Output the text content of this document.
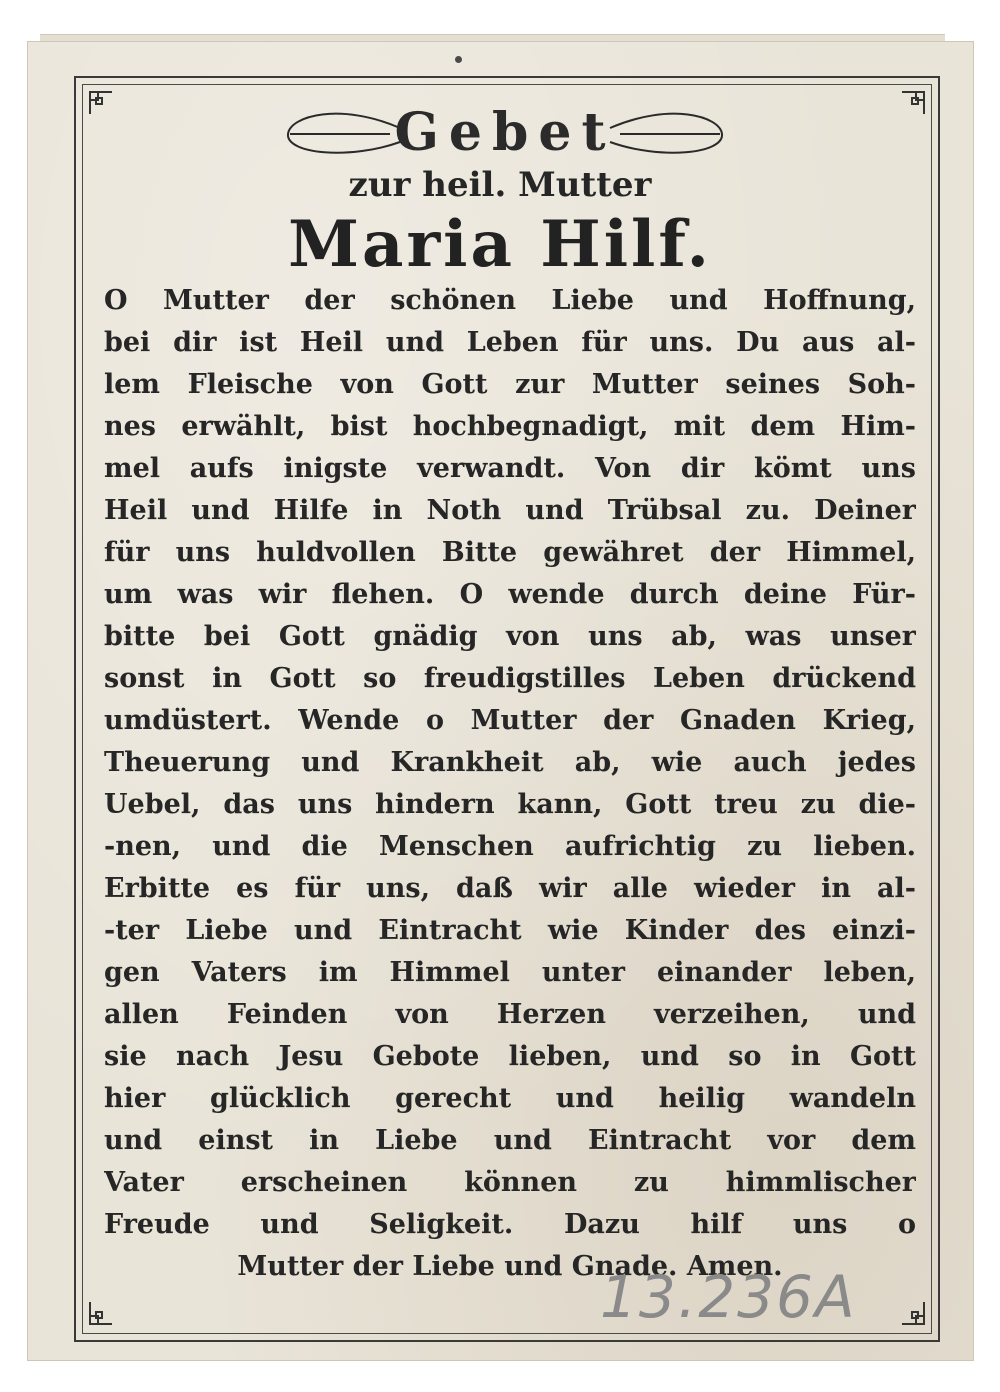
Gebet
zur heil. Mutter
Maria Hilf.
O Mutter der schönen Liebe und Hoffnung,
bei dir ist Heil und Leben für uns. Du aus al-
lem Fleische von Gott zur Mutter seines Soh-
nes erwählt, bist hochbegnadigt, mit dem Him-
mel aufs inigste verwandt. Von dir kömt uns
Heil und Hilfe in Noth und Trübsal zu. Deiner
für uns huldvollen Bitte gewähret der Himmel,
um was wir flehen. O wende durch deine Für-
bitte bei Gott gnädig von uns ab, was unser
sonst in Gott so freudigstilles Leben drückend
umdüstert. Wende o Mutter der Gnaden Krieg,
Theuerung und Krankheit ab, wie auch jedes
Uebel, das uns hindern kann, Gott treu zu die-
-nen, und die Menschen aufrichtig zu lieben.
Erbitte es für uns, daß wir alle wieder in al-
-ter Liebe und Eintracht wie Kinder des einzi-
gen Vaters im Himmel unter einander leben,
allen Feinden von Herzen verzeihen, und
sie nach Jesu Gebote lieben, und so in Gott
hier glücklich gerecht und heilig wandeln
und einst in Liebe und Eintracht vor dem
Vater erscheinen können zu himmlischer
Freude und Seligkeit. Dazu hilf uns o
Mutter der Liebe und Gnade. Amen.
13.236A
